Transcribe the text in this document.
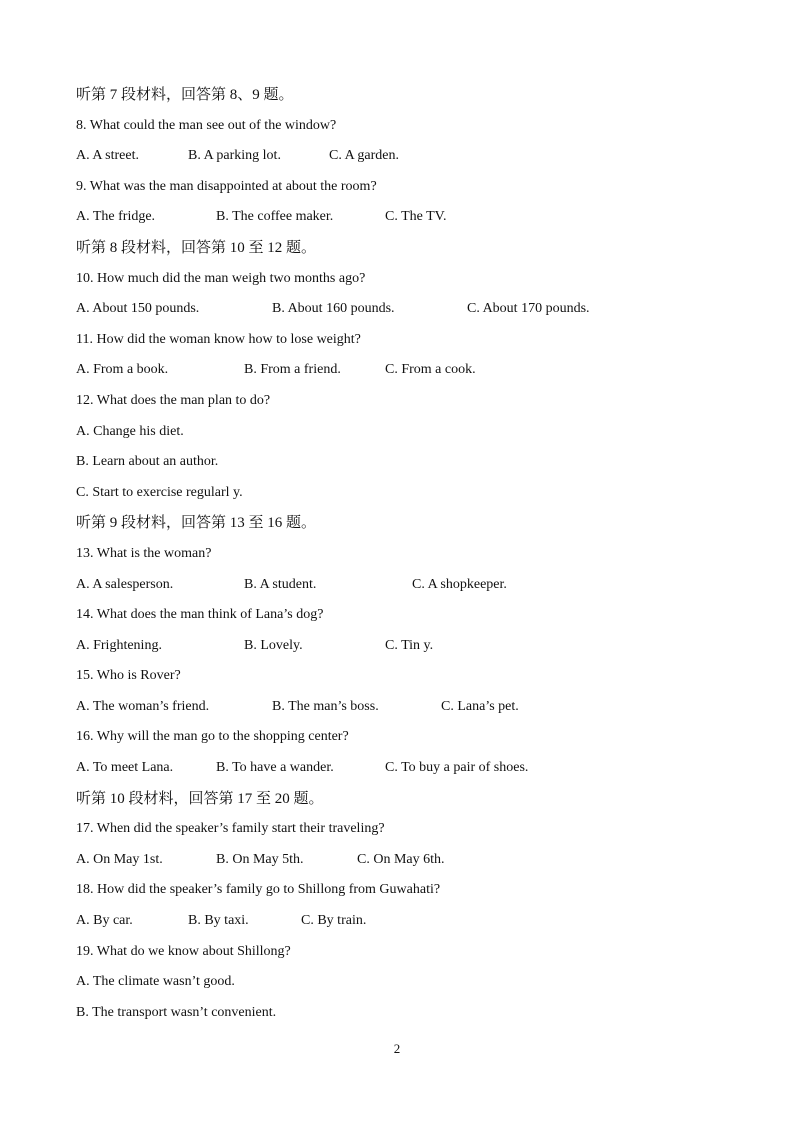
听第 7 段材料，回答第 8、9 题。
8. What could the man see out of the window?
A. A street.	B. A parking lot.	C. A garden.
9. What was the man disappointed at about the room?
A. The fridge.	B. The coffee maker.	C. The TV.
听第 8 段材料，回答第 10 至 12 题。
10. How much did the man weigh two months ago?
A. About 150 pounds.	B. About 160 pounds.	C. About 170 pounds.
11. How did the woman know how to lose weight?
A. From a book.	B. From a friend.	C. From a cook.
12. What does the man plan to do?
A. Change his diet.
B. Learn about an author.
C. Start to exercise regularl y.
听第 9 段材料，回答第 13 至 16 题。
13. What is the woman?
A. A salesperson.	B. A student.	C. A shopkeeper.
14. What does the man think of Lana’s dog?
A. Frightening.	B. Lovely.	C. Tin y.
15. Who is Rover?
A. The woman’s friend.	B. The man’s boss.	C. Lana’s pet.
16. Why will the man go to the shopping center?
A. To meet Lana.	B. To have a wander.	C. To buy a pair of shoes.
听第 10 段材料，回答第 17 至 20 题。
17. When did the speaker’s family start their traveling?
A. On May 1st.	B. On May 5th.	C. On May 6th.
18. How did the speaker’s family go to Shillong from Guwahati?
A. By car.	B. By taxi.	C. By train.
19. What do we know about Shillong?
A. The climate wasn’t good.
B. The transport wasn’t convenient.
2
